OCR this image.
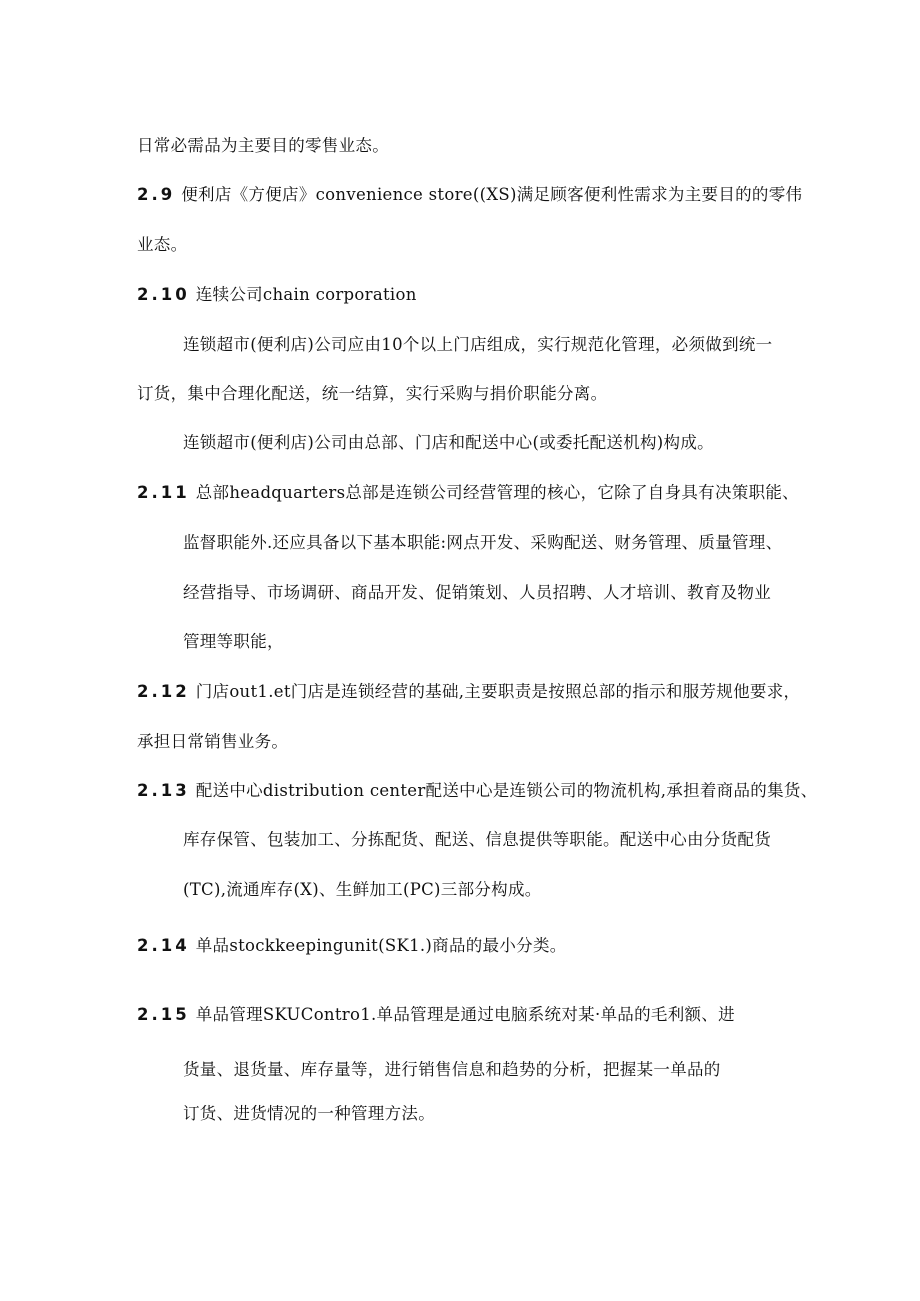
日常必需品为主要目的零售业态。

2.9 便利店《方便店》convenience store((XS)满足顾客便利性需求为主要目的的零伟

业态。

2.10 连犊公司chain corporation

连锁超市(便利店)公司应由10个以上门店组成，实行规范化管理，必须做到统一

订货，集中合理化配送，统一结算，实行采购与捐价职能分离。

连锁超市(便利店)公司由总部、门店和配送中心(或委托配送机构)构成。

2.11 总部headquarters总部是连锁公司经营管理的核心，它除了自身具有决策职能、

监督职能外.还应具备以下基本职能:网点开发、采购配送、财务管理、质量管理、

经营指导、市场调研、商品开发、促销策划、人员招聘、人才培训、教育及物业

管理等职能，

2.12 门店out1.et门店是连锁经营的基础,主要职责是按照总部的指示和服芳规他要求，

承担日常销售业务。

2.13 配送中心distribution center配送中心是连锁公司的物流机构,承担着商品的集货、

库存保管、包装加工、分拣配货、配送、信息提供等职能。配送中心由分货配货

(TC),流通库存(X)、生鲜加工(PC)三部分构成。

2.14 单品stockkeepingunit(SK1.)商品的最小分类。

2.15 单品管理SKUContro1.单品管理是通过电脑系统对某·单品的毛利额、进

货量、退货量、库存量等，进行销售信息和趋势的分析，把握某一单品的

订货、进货情况的一种管理方法。
